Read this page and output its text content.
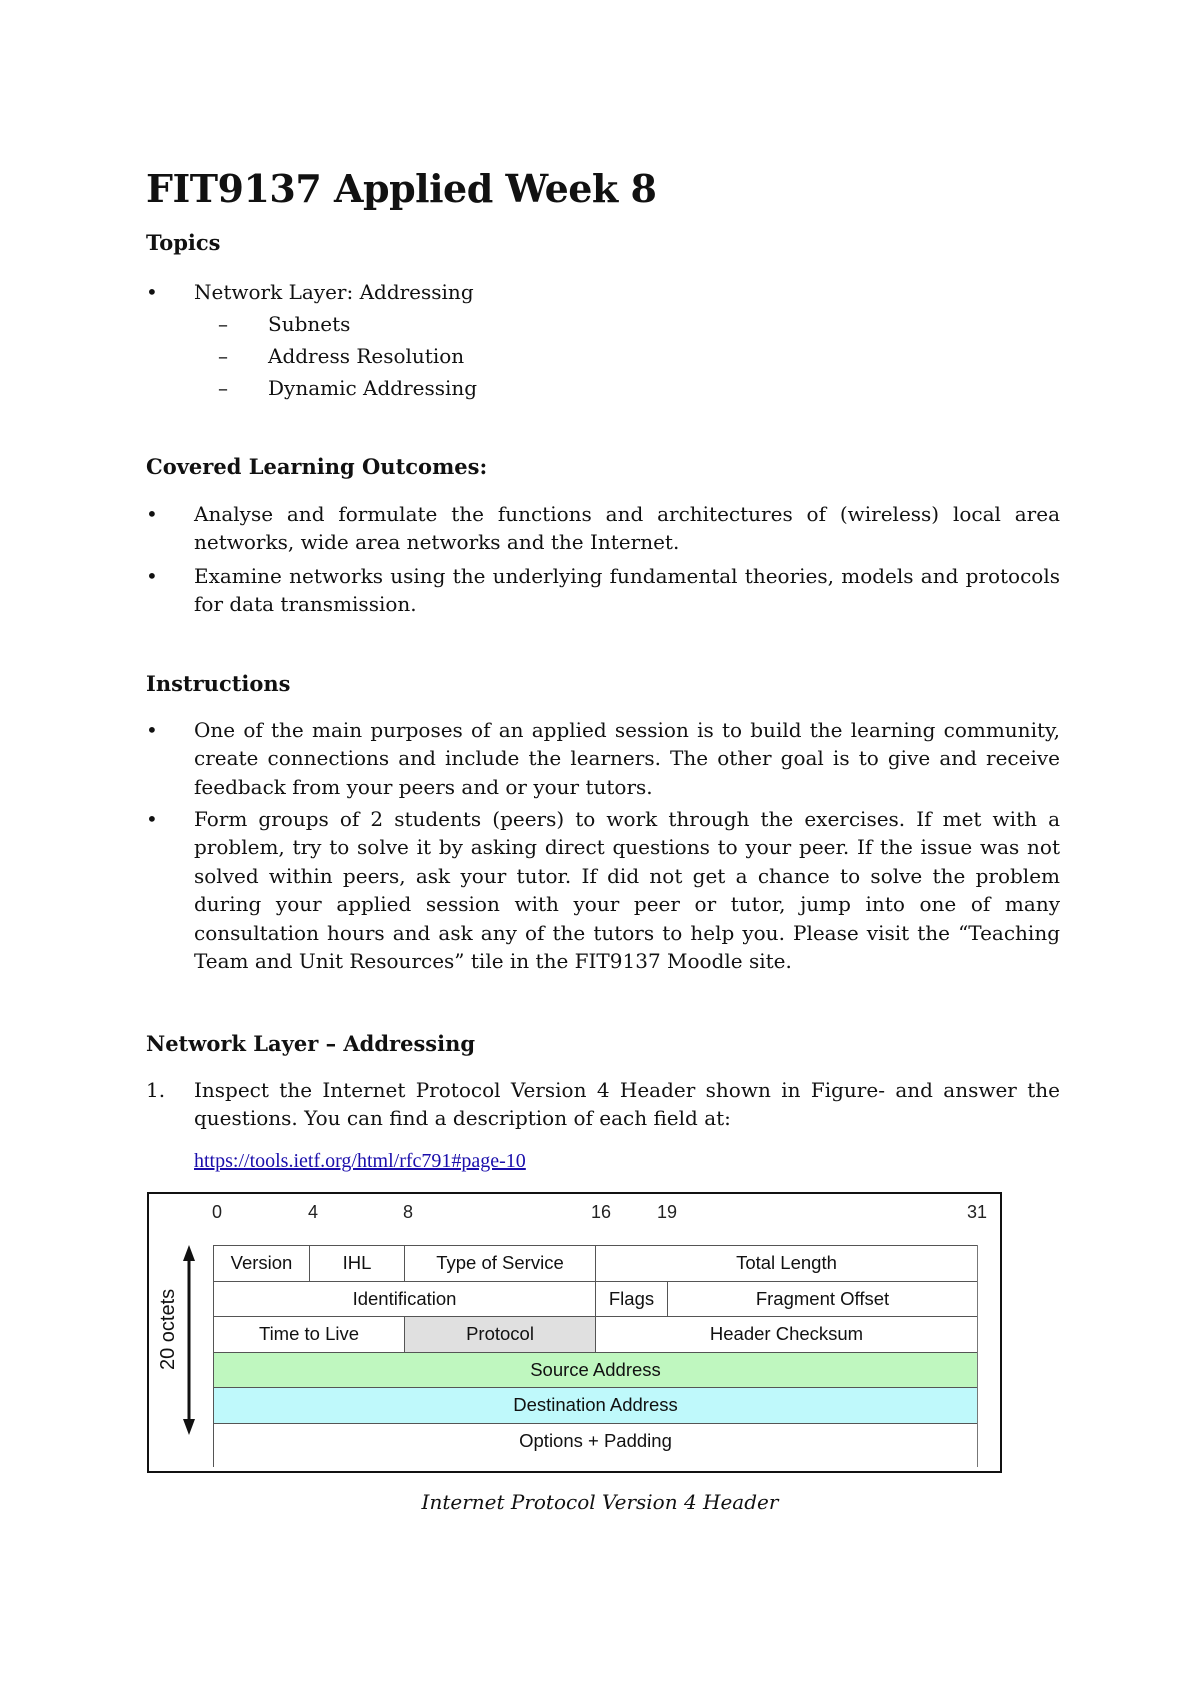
FIT9137 Applied Week 8
Topics
• Network Layer: Addressing
– Subnets
– Address Resolution
– Dynamic Addressing
Covered Learning Outcomes:
• Analyse and formulate the functions and architectures of (wireless) local area networks, wide area networks and the Internet.
• Examine networks using the underlying fundamental theories, models and protocols for data transmission.
Instructions
• One of the main purposes of an applied session is to build the learning community, create connections and include the learners. The other goal is to give and receive feedback from your peers and or your tutors.
• Form groups of 2 students (peers) to work through the exercises. If met with a problem, try to solve it by asking direct questions to your peer. If the issue was not solved within peers, ask your tutor. If did not get a chance to solve the problem during your applied session with your peer or tutor, jump into one of many consultation hours and ask any of the tutors to help you. Please visit the “Teaching Team and Unit Resources” tile in the FIT9137 Moodle site.
Network Layer – Addressing
1. Inspect the Internet Protocol Version 4 Header shown in Figure- and answer the questions. You can find a description of each field at:
https://tools.ietf.org/html/rfc791#page-10
0	4	8	16	19	31
20 octets
Version	IHL	Type of Service	Total Length
Identification	Flags	Fragment Offset
Time to Live	Protocol	Header Checksum
Source Address
Destination Address
Options + Padding
Internet Protocol Version 4 Header
